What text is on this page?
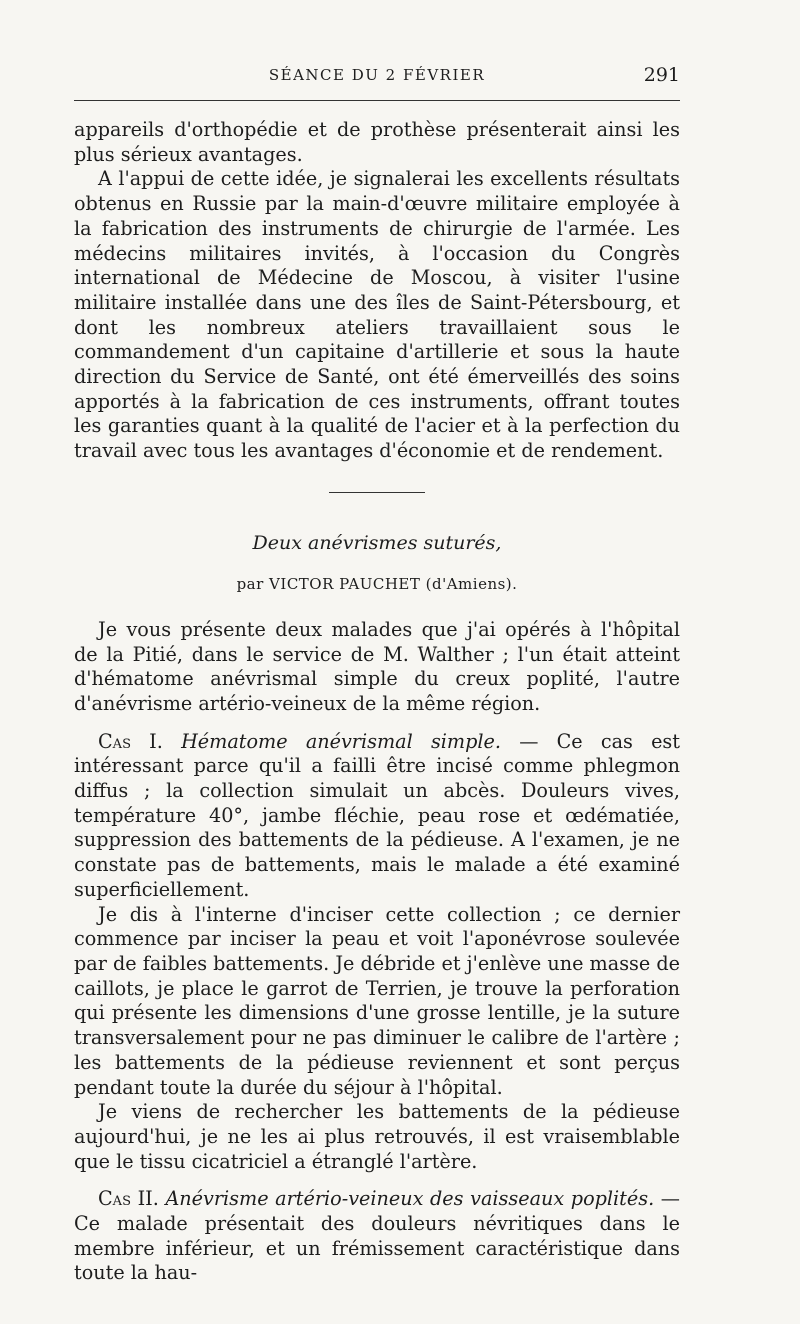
SÉANCE DU 2 FÉVRIER	291

appareils d'orthopédie et de prothèse présenterait ainsi les plus sérieux avantages.

A l'appui de cette idée, je signalerai les excellents résultats obtenus en Russie par la main-d'œuvre militaire employée à la fabrication des instruments de chirurgie de l'armée. Les médecins militaires invités, à l'occasion du Congrès international de Médecine de Moscou, à visiter l'usine militaire installée dans une des îles de Saint-Pétersbourg, et dont les nombreux ateliers travaillaient sous le commandement d'un capitaine d'artillerie et sous la haute direction du Service de Santé, ont été émerveillés des soins apportés à la fabrication de ces instruments, offrant toutes les garanties quant à la qualité de l'acier et à la perfection du travail avec tous les avantages d'économie et de rendement.

Deux anévrismes suturés,
par VICTOR PAUCHET (d'Amiens).

Je vous présente deux malades que j'ai opérés à l'hôpital de la Pitié, dans le service de M. Walther ; l'un était atteint d'hématome anévrismal simple du creux poplité, l'autre d'anévrisme artério-veineux de la même région.

Cas I. Hématome anévrismal simple. — Ce cas est intéressant parce qu'il a failli être incisé comme phlegmon diffus ; la collection simulait un abcès. Douleurs vives, température 40°, jambe fléchie, peau rose et œdématiée, suppression des battements de la pédieuse. A l'examen, je ne constate pas de battements, mais le malade a été examiné superficiellement.

Je dis à l'interne d'inciser cette collection ; ce dernier commence par inciser la peau et voit l'aponévrose soulevée par de faibles battements. Je débride et j'enlève une masse de caillots, je place le garrot de Terrien, je trouve la perforation qui présente les dimensions d'une grosse lentille, je la suture transversalement pour ne pas diminuer le calibre de l'artère ; les battements de la pédieuse reviennent et sont perçus pendant toute la durée du séjour à l'hôpital.

Je viens de rechercher les battements de la pédieuse aujourd'hui, je ne les ai plus retrouvés, il est vraisemblable que le tissu cicatriciel a étranglé l'artère.

Cas II. Anévrisme artério-veineux des vaisseaux poplités. — Ce malade présentait des douleurs névritiques dans le membre inférieur, et un frémissement caractéristique dans toute la hau-
